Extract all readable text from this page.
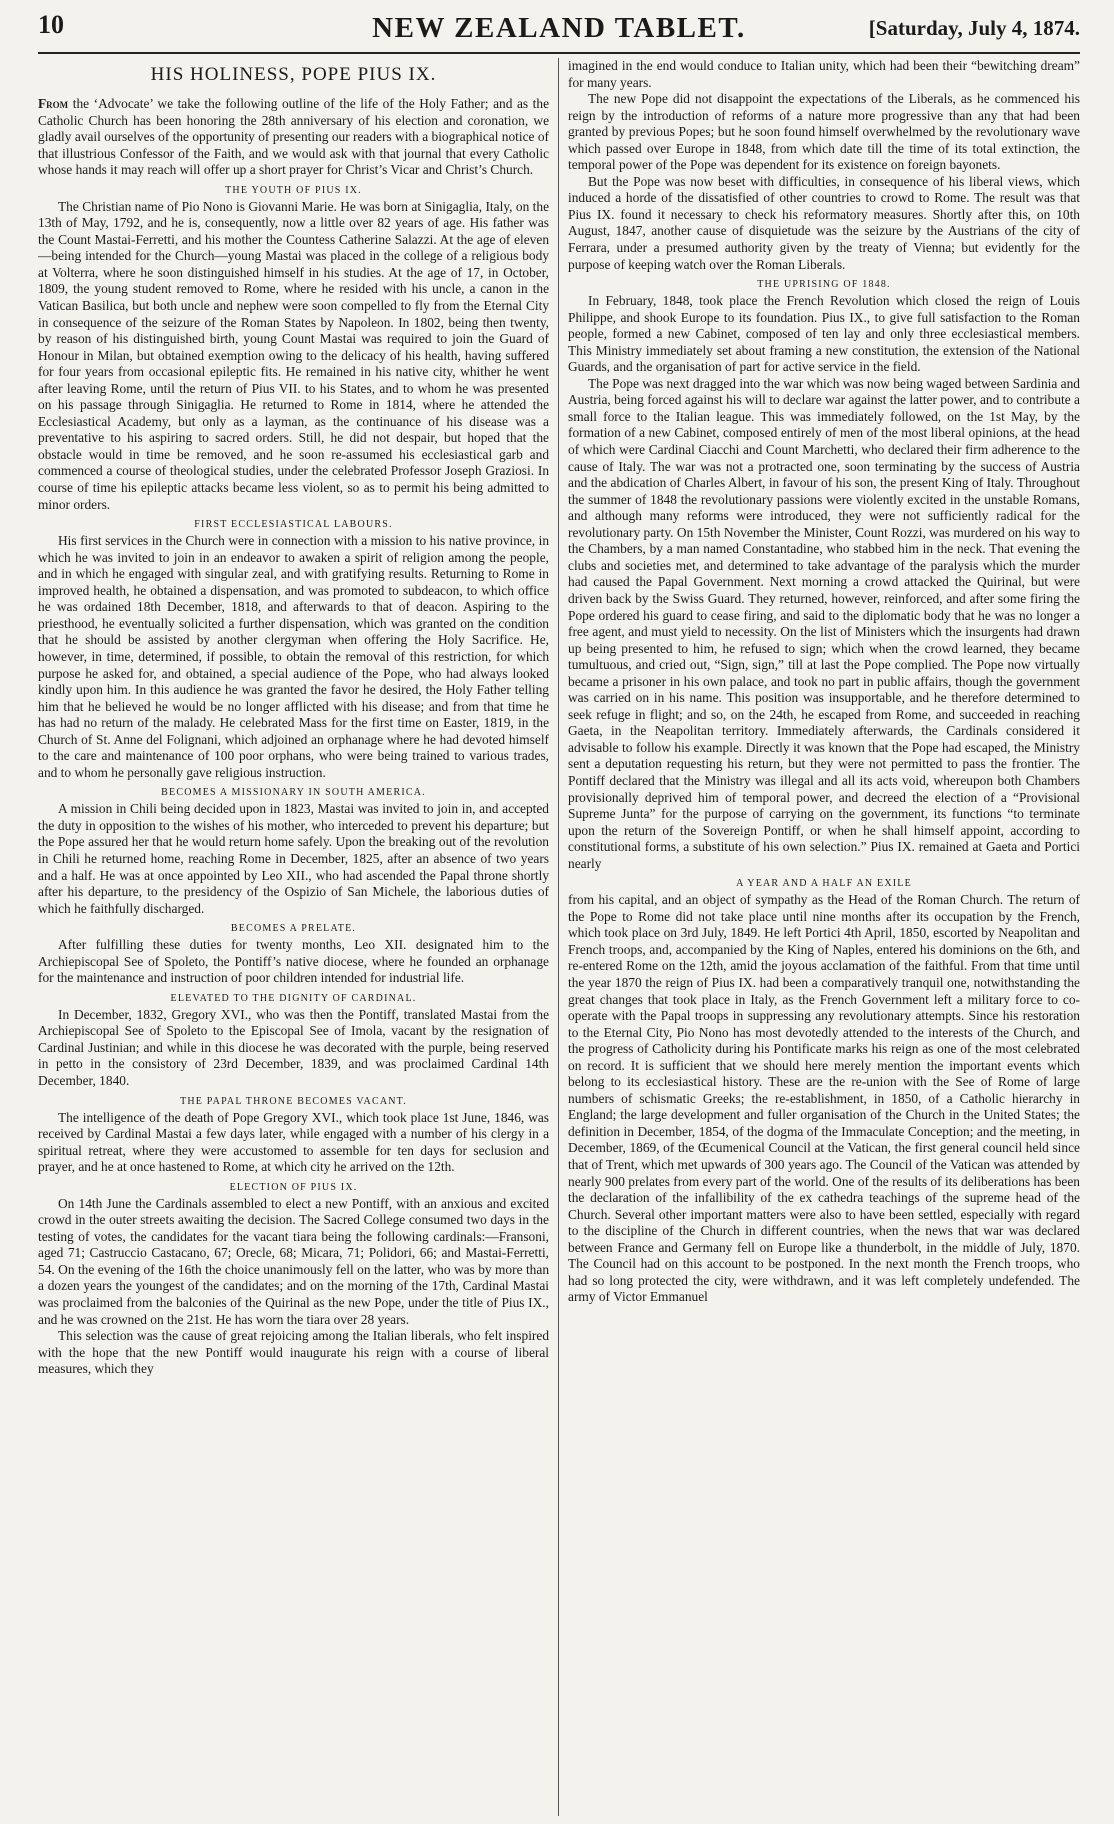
10	NEW ZEALAND TABLET.	[Saturday, July 4, 1874.
HIS HOLINESS, POPE PIUS IX.

From the ‘Advocate’ we take the following outline of the life of the Holy Father; and as the Catholic Church has been honoring the 28th anniversary of his election and coronation, we gladly avail ourselves of the opportunity of presenting our readers with a biographical notice of that illustrious Confessor of the Faith, and we would ask with that journal that every Catholic whose hands it may reach will offer up a short prayer for Christ’s Vicar and Christ’s Church.

THE YOUTH OF PIUS IX.

The Christian name of Pio Nono is Giovanni Marie. He was born at Sinigaglia, Italy, on the 13th of May, 1792, and he is, consequently, now a little over 82 years of age. His father was the Count Mastai-Ferretti, and his mother the Countess Catherine Salazzi. At the age of eleven—being intended for the Church—young Mastai was placed in the college of a religious body at Volterra, where he soon distinguished himself in his studies. At the age of 17, in October, 1809, the young student removed to Rome, where he resided with his uncle, a canon in the Vatican Basilica, but both uncle and nephew were soon compelled to fly from the Eternal City in consequence of the seizure of the Roman States by Napoleon. In 1802, being then twenty, by reason of his distinguished birth, young Count Mastai was required to join the Guard of Honour in Milan, but obtained exemption owing to the delicacy of his health, having suffered for four years from occasional epileptic fits. He remained in his native city, whither he went after leaving Rome, until the return of Pius VII. to his States, and to whom he was presented on his passage through Sinigaglia. He returned to Rome in 1814, where he attended the Ecclesiastical Academy, but only as a layman, as the continuance of his disease was a preventative to his aspiring to sacred orders. Still, he did not despair, but hoped that the obstacle would in time be removed, and he soon re-assumed his ecclesiastical garb and commenced a course of theological studies, under the celebrated Professor Joseph Graziosi. In course of time his epileptic attacks became less violent, so as to permit his being admitted to minor orders.

FIRST ECCLESIASTICAL LABOURS.

His first services in the Church were in connection with a mission to his native province, in which he was invited to join in an endeavor to awaken a spirit of religion among the people, and in which he engaged with singular zeal, and with gratifying results. Returning to Rome in improved health, he obtained a dispensation, and was promoted to subdeacon, to which office he was ordained 18th December, 1818, and afterwards to that of deacon. Aspiring to the priesthood, he eventually solicited a further dispensation, which was granted on the condition that he should be assisted by another clergyman when offering the Holy Sacrifice. He, however, in time, determined, if possible, to obtain the removal of this restriction, for which purpose he asked for, and obtained, a special audience of the Pope, who had always looked kindly upon him. In this audience he was granted the favor he desired, the Holy Father telling him that he believed he would be no longer afflicted with his disease; and from that time he has had no return of the malady. He celebrated Mass for the first time on Easter, 1819, in the Church of St. Anne del Folignani, which adjoined an orphanage where he had devoted himself to the care and maintenance of 100 poor orphans, who were being trained to various trades, and to whom he personally gave religious instruction.

BECOMES A MISSIONARY IN SOUTH AMERICA.

A mission in Chili being decided upon in 1823, Mastai was invited to join in, and accepted the duty in opposition to the wishes of his mother, who interceded to prevent his departure; but the Pope assured her that he would return home safely. Upon the breaking out of the revolution in Chili he returned home, reaching Rome in December, 1825, after an absence of two years and a half. He was at once appointed by Leo XII., who had ascended the Papal throne shortly after his departure, to the presidency of the Ospizio of San Michele, the laborious duties of which he faithfully discharged.

BECOMES A PRELATE.

After fulfilling these duties for twenty months, Leo XII. designated him to the Archiepiscopal See of Spoleto, the Pontiff’s native diocese, where he founded an orphanage for the maintenance and instruction of poor children intended for industrial life.

ELEVATED TO THE DIGNITY OF CARDINAL.

In December, 1832, Gregory XVI., who was then the Pontiff, translated Mastai from the Archiepiscopal See of Spoleto to the Episcopal See of Imola, vacant by the resignation of Cardinal Justinian; and while in this diocese he was decorated with the purple, being reserved in petto in the consistory of 23rd December, 1839, and was proclaimed Cardinal 14th December, 1840.

THE PAPAL THRONE BECOMES VACANT.

The intelligence of the death of Pope Gregory XVI., which took place 1st June, 1846, was received by Cardinal Mastai a few days later, while engaged with a number of his clergy in a spiritual retreat, where they were accustomed to assemble for ten days for seclusion and prayer, and he at once hastened to Rome, at which city he arrived on the 12th.

ELECTION OF PIUS IX.

On 14th June the Cardinals assembled to elect a new Pontiff, with an anxious and excited crowd in the outer streets awaiting the decision. The Sacred College consumed two days in the testing of votes, the candidates for the vacant tiara being the following cardinals:—Fransoni, aged 71; Castruccio Castacano, 67; Orecle, 68; Micara, 71; Polidori, 66; and Mastai-Ferretti, 54. On the evening of the 16th the choice unanimously fell on the latter, who was by more than a dozen years the youngest of the candidates; and on the morning of the 17th, Cardinal Mastai was proclaimed from the balconies of the Quirinal as the new Pope, under the title of Pius IX., and he was crowned on the 21st. He has worn the tiara over 28 years.

This selection was the cause of great rejoicing among the Italian liberals, who felt inspired with the hope that the new Pontiff would inaugurate his reign with a course of liberal measures, which they

imagined in the end would conduce to Italian unity, which had been their “bewitching dream” for many years.

The new Pope did not disappoint the expectations of the Liberals, as he commenced his reign by the introduction of reforms of a nature more progressive than any that had been granted by previous Popes; but he soon found himself overwhelmed by the revolutionary wave which passed over Europe in 1848, from which date till the time of its total extinction, the temporal power of the Pope was dependent for its existence on foreign bayonets.

But the Pope was now beset with difficulties, in consequence of his liberal views, which induced a horde of the dissatisfied of other countries to crowd to Rome. The result was that Pius IX. found it necessary to check his reformatory measures. Shortly after this, on 10th August, 1847, another cause of disquietude was the seizure by the Austrians of the city of Ferrara, under a presumed authority given by the treaty of Vienna; but evidently for the purpose of keeping watch over the Roman Liberals.

THE UPRISING OF 1848.

In February, 1848, took place the French Revolution which closed the reign of Louis Philippe, and shook Europe to its foundation. Pius IX., to give full satisfaction to the Roman people, formed a new Cabinet, composed of ten lay and only three ecclesiastical members. This Ministry immediately set about framing a new constitution, the extension of the National Guards, and the organisation of part for active service in the field.

The Pope was next dragged into the war which was now being waged between Sardinia and Austria, being forced against his will to declare war against the latter power, and to contribute a small force to the Italian league. This was immediately followed, on the 1st May, by the formation of a new Cabinet, composed entirely of men of the most liberal opinions, at the head of which were Cardinal Ciacchi and Count Marchetti, who declared their firm adherence to the cause of Italy. The war was not a protracted one, soon terminating by the success of Austria and the abdication of Charles Albert, in favour of his son, the present King of Italy. Throughout the summer of 1848 the revolutionary passions were violently excited in the unstable Romans, and although many reforms were introduced, they were not sufficiently radical for the revolutionary party. On 15th November the Minister, Count Rozzi, was murdered on his way to the Chambers, by a man named Constantadine, who stabbed him in the neck. That evening the clubs and societies met, and determined to take advantage of the paralysis which the murder had caused the Papal Government. Next morning a crowd attacked the Quirinal, but were driven back by the Swiss Guard. They returned, however, reinforced, and after some firing the Pope ordered his guard to cease firing, and said to the diplomatic body that he was no longer a free agent, and must yield to necessity. On the list of Ministers which the insurgents had drawn up being presented to him, he refused to sign; which when the crowd learned, they became tumultuous, and cried out, “Sign, sign,” till at last the Pope complied. The Pope now virtually became a prisoner in his own palace, and took no part in public affairs, though the government was carried on in his name. This position was insupportable, and he therefore determined to seek refuge in flight; and so, on the 24th, he escaped from Rome, and succeeded in reaching Gaeta, in the Neapolitan territory. Immediately afterwards, the Cardinals considered it advisable to follow his example. Directly it was known that the Pope had escaped, the Ministry sent a deputation requesting his return, but they were not permitted to pass the frontier. The Pontiff declared that the Ministry was illegal and all its acts void, whereupon both Chambers provisionally deprived him of temporal power, and decreed the election of a “Provisional Supreme Junta” for the purpose of carrying on the government, its functions “to terminate upon the return of the Sovereign Pontiff, or when he shall himself appoint, according to constitutional forms, a substitute of his own selection.” Pius IX. remained at Gaeta and Portici nearly

A YEAR AND A HALF AN EXILE

from his capital, and an object of sympathy as the Head of the Roman Church. The return of the Pope to Rome did not take place until nine months after its occupation by the French, which took place on 3rd July, 1849. He left Portici 4th April, 1850, escorted by Neapolitan and French troops, and, accompanied by the King of Naples, entered his dominions on the 6th, and re-entered Rome on the 12th, amid the joyous acclamation of the faithful. From that time until the year 1870 the reign of Pius IX. had been a comparatively tranquil one, notwithstanding the great changes that took place in Italy, as the French Government left a military force to co-operate with the Papal troops in suppressing any revolutionary attempts. Since his restoration to the Eternal City, Pio Nono has most devotedly attended to the interests of the Church, and the progress of Catholicity during his Pontificate marks his reign as one of the most celebrated on record. It is sufficient that we should here merely mention the important events which belong to its ecclesiastical history. These are the re-union with the See of Rome of large numbers of schismatic Greeks; the re-establishment, in 1850, of a Catholic hierarchy in England; the large development and fuller organisation of the Church in the United States; the definition in December, 1854, of the dogma of the Immaculate Conception; and the meeting, in December, 1869, of the Œcumenical Council at the Vatican, the first general council held since that of Trent, which met upwards of 300 years ago. The Council of the Vatican was attended by nearly 900 prelates from every part of the world. One of the results of its deliberations has been the declaration of the infallibility of the ex cathedra teachings of the supreme head of the Church. Several other important matters were also to have been settled, especially with regard to the discipline of the Church in different countries, when the news that war was declared between France and Germany fell on Europe like a thunderbolt, in the middle of July, 1870. The Council had on this account to be postponed. In the next month the French troops, who had so long protected the city, were withdrawn, and it was left completely undefended. The army of Victor Emmanuel
